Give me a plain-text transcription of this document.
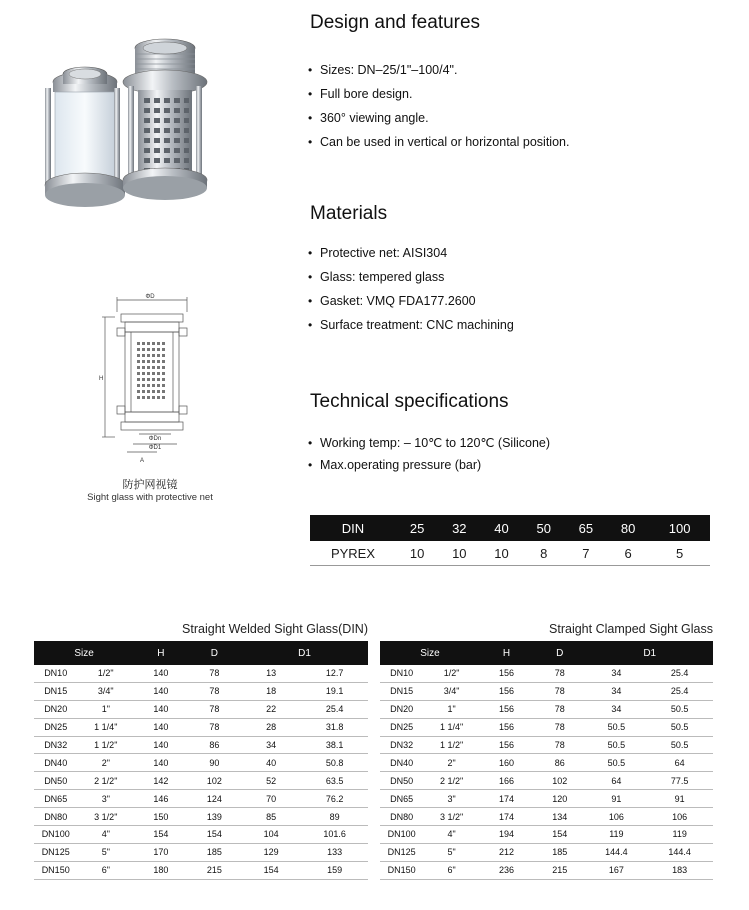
Design and features
• Sizes: DN–25/1"–100/4".
• Full bore design.
• 360° viewing angle.
• Can be used in vertical or horizontal position.
Materials
• Protective net: AISI304
• Glass: tempered glass
• Gasket: VMQ FDA177.2600
• Surface treatment: CNC machining
ΦD
H
ΦDn
ΦD1
A
防护网视镜
Sight glass with protective net
Technical specifications
• Working temp: – 10℃ to 120℃ (Silicone)
• Max.operating pressure (bar)
DIN	25	32	40	50	65	80	100
PYREX	10	10	10	8	7	6	5
Straight Welded Sight Glass(DIN)
Size		H	D	D1	
DN10	1/2"	140	78	13	12.7
DN15	3/4"	140	78	18	19.1
DN20	1"	140	78	22	25.4
DN25	1 1/4"	140	78	28	31.8
DN32	1 1/2"	140	86	34	38.1
DN40	2"	140	90	40	50.8
DN50	2 1/2"	142	102	52	63.5
DN65	3"	146	124	70	76.2
DN80	3 1/2"	150	139	85	89
DN100	4"	154	154	104	101.6
DN125	5"	170	185	129	133
DN150	6"	180	215	154	159
Straight Clamped Sight Glass
Size		H	D	D1	
DN10	1/2"	156	78	34	25.4
DN15	3/4"	156	78	34	25.4
DN20	1"	156	78	34	50.5
DN25	1 1/4"	156	78	50.5	50.5
DN32	1 1/2"	156	78	50.5	50.5
DN40	2"	160	86	50.5	64
DN50	2 1/2"	166	102	64	77.5
DN65	3"	174	120	91	91
DN80	3 1/2"	174	134	106	106
DN100	4"	194	154	119	119
DN125	5"	212	185	144.4	144.4
DN150	6"	236	215	167	183
